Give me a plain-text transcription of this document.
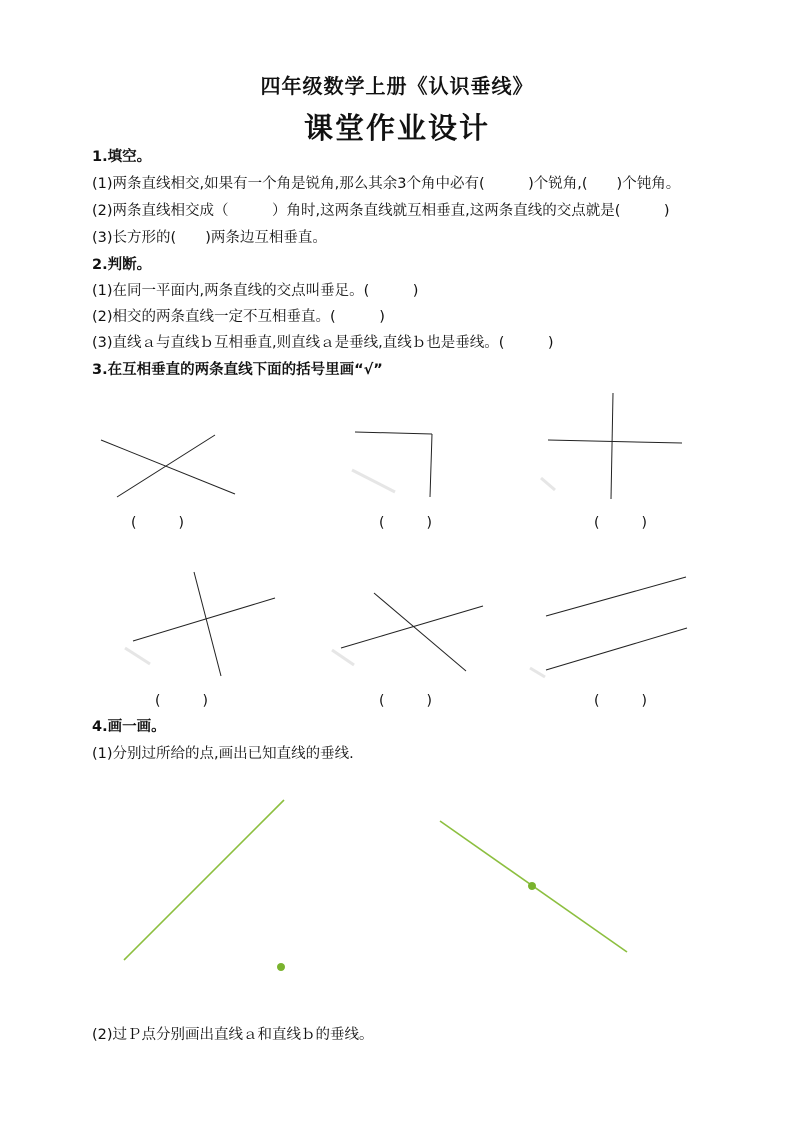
四年级数学上册《认识垂线》
课堂作业设计

1.填空。

(1)两条直线相交,如果有一个角是锐角,那么其余3个角中必有(　　　)个锐角,(　　)个钝角。

(2)两条直线相交成（　　　）角时,这两条直线就互相垂直,这两条直线的交点就是(　　　)

(3)长方形的(　　)两条边互相垂直。

2.判断。

(1)在同一平面内,两条直线的交点叫垂足。(　　　)

(2)相交的两条直线一定不互相垂直。(　　　)

(3)直线ａ与直线ｂ互相垂直,则直线ａ是垂线,直线ｂ也是垂线。(　　　)

3.在互相垂直的两条直线下面的括号里画“√”

(　　　)	(　　　)	(　　　)
(　　　)	(　　　)	(　　　)

4.画一画。

(1)分别过所给的点,画出已知直线的垂线.

(2)过Ｐ点分别画出直线ａ和直线ｂ的垂线。
